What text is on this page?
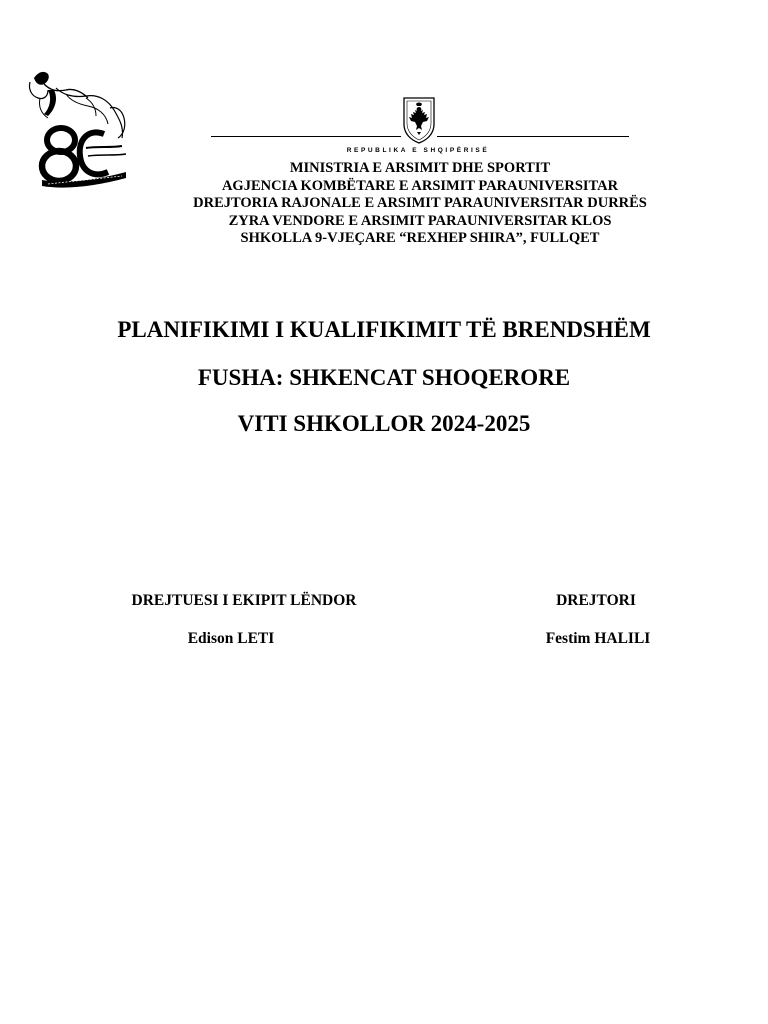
REPUBLIKA E SHQIPËRISË
MINISTRIA E ARSIMIT DHE SPORTIT
AGJENCIA KOMBËTARE E ARSIMIT PARAUNIVERSITAR
DREJTORIA RAJONALE E ARSIMIT PARAUNIVERSITAR DURRËS
ZYRA VENDORE E ARSIMIT PARAUNIVERSITAR KLOS
SHKOLLA 9-VJEÇARE “REXHEP SHIRA”, FULLQET
PLANIFIKIMI I KUALIFIKIMIT TË BRENDSHËM
FUSHA: SHKENCAT SHOQERORE
VITI SHKOLLOR 2024-2025
DREJTUESI I EKIPIT LËNDOR
Edison LETI
DREJTORI
Festim HALILI
